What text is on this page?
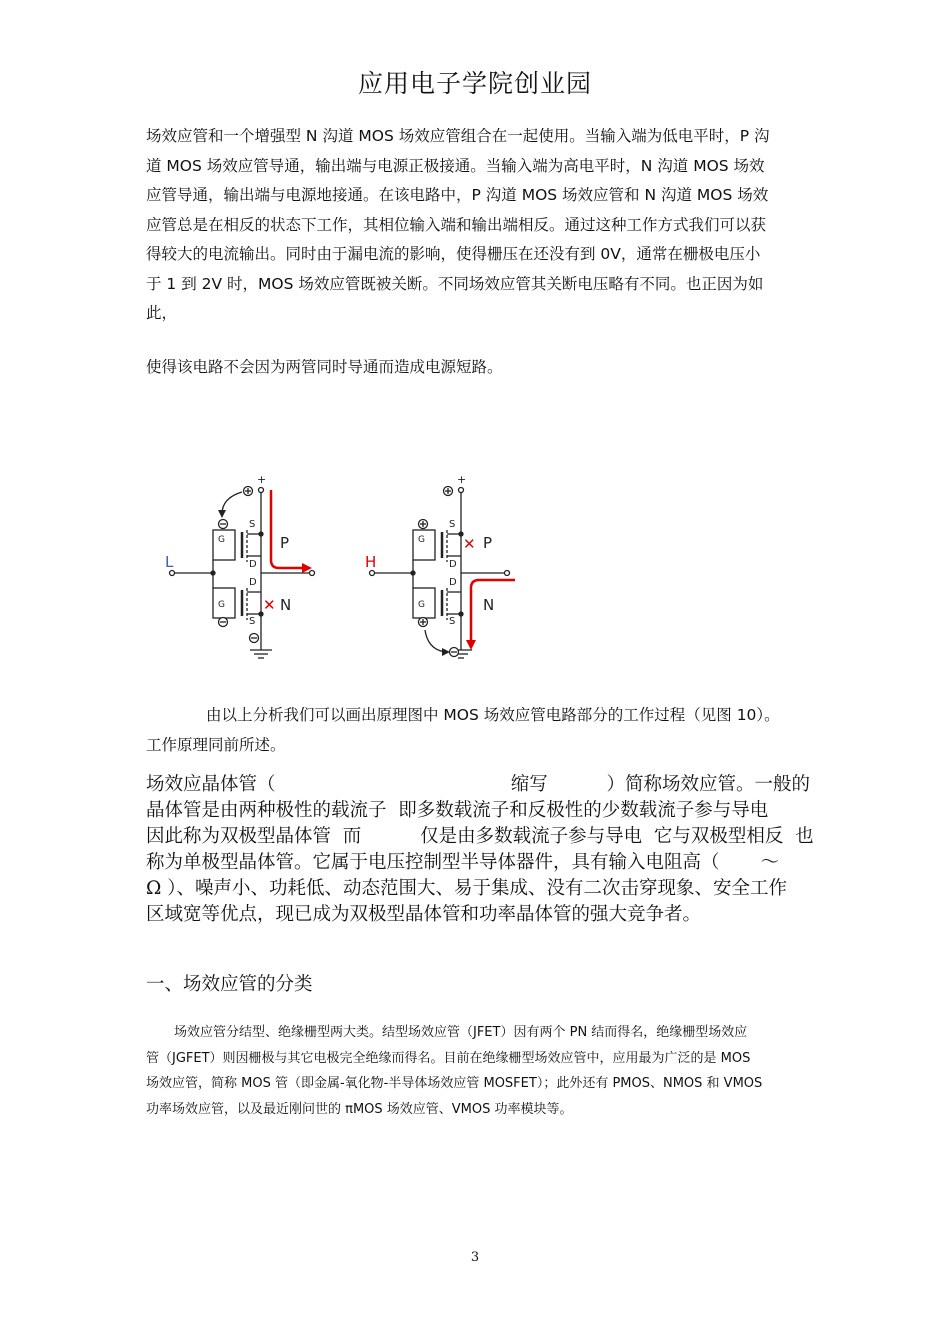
应用电子学院创业园
场效应管和一个增强型 N 沟道 MOS 场效应管组合在一起使用。当输入端为低电平时，P 沟
道 MOS 场效应管导通，输出端与电源正极接通。当输入端为高电平时，N 沟道 MOS 场效
应管导通，输出端与电源地接通。在该电路中，P 沟道 MOS 场效应管和 N 沟道 MOS 场效
应管总是在相反的状态下工作，其相位输入端和输出端相反。通过这种工作方式我们可以获
得较大的电流输出。同时由于漏电流的影响，使得栅压在还没有到 0V，通常在栅极电压小
于 1 到 2V 时，MOS 场效应管既被关断。不同场效应管其关断电压略有不同。也正因为如
此，
使得该电路不会因为两管同时导通而造成电源短路。
+
L
G
G
S
D
D
S
P
N
✕
+
H
G
G
S
D
D
S
P
N
✕
由以上分析我们可以画出原理图中 MOS 场效应管电路部分的工作过程（见图 10）。
工作原理同前所述。
场效应晶体管（                                        缩写          ）简称场效应管。一般的
晶体管是由两种极性的载流子  即多数载流子和反极性的少数载流子参与导电
因此称为双极型晶体管  而          仅是由多数载流子参与导电  它与双极型相反  也
称为单极型晶体管。它属于电压控制型半导体器件，具有输入电阻高（       ～
Ω ）、噪声小、功耗低、动态范围大、易于集成、没有二次击穿现象、安全工作
区域宽等优点，现已成为双极型晶体管和功率晶体管的强大竞争者。
一、场效应管的分类
场效应管分结型、绝缘栅型两大类。结型场效应管（JFET）因有两个 PN 结而得名，绝缘栅型场效应
管（JGFET）则因栅极与其它电极完全绝缘而得名。目前在绝缘栅型场效应管中，应用最为广泛的是 MOS
场效应管，简称 MOS 管（即金属-氧化物-半导体场效应管 MOSFET）；此外还有 PMOS、NMOS 和 VMOS
功率场效应管，以及最近刚问世的 πMOS 场效应管、VMOS 功率模块等。
3
